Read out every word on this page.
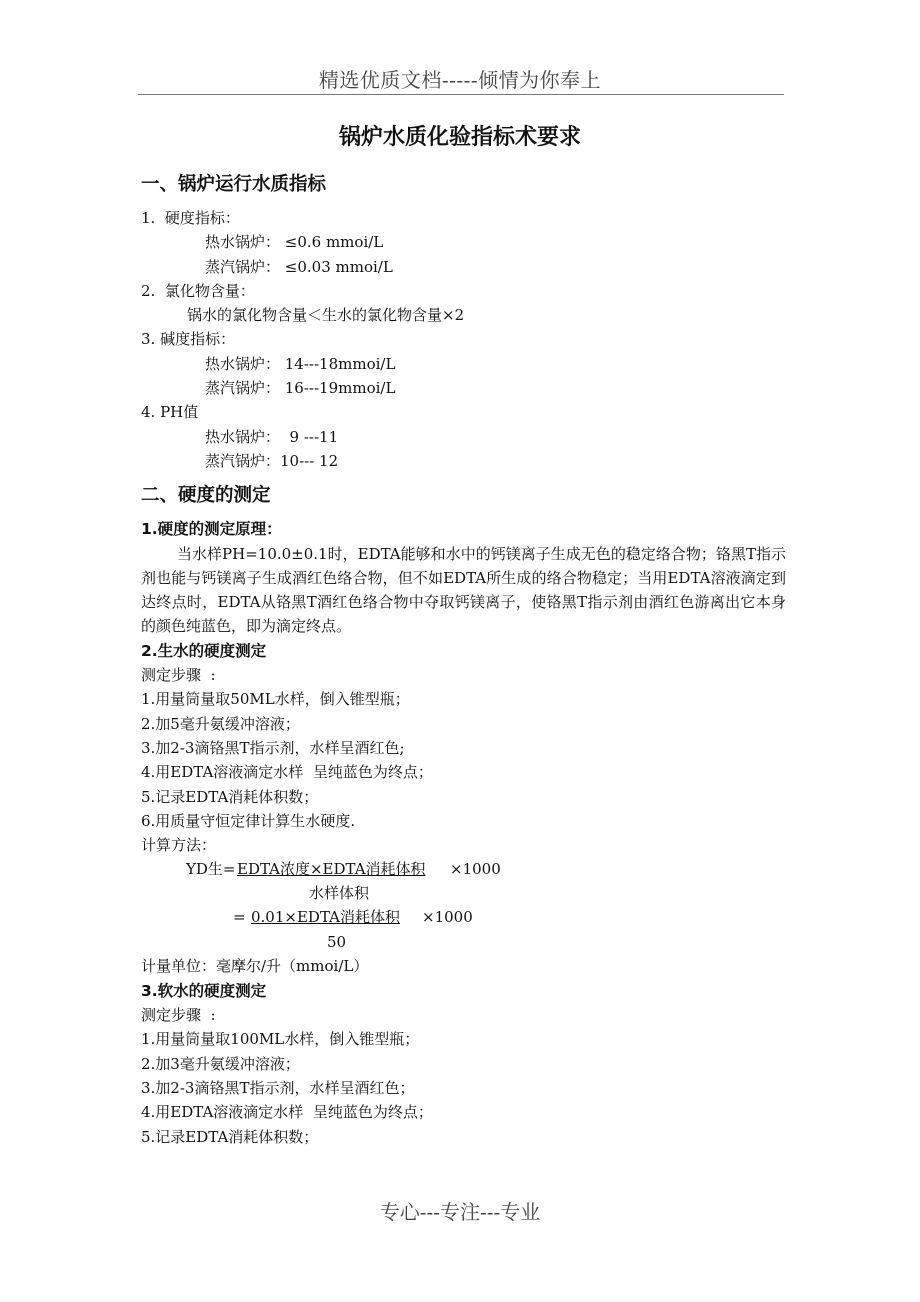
精选优质文档-----倾情为你奉上
锅炉水质化验指标术要求
一、锅炉运行水质指标
1.  硬度指标：
热水锅炉： ≤0.6 mmoi/L
蒸汽锅炉： ≤0.03 mmoi/L
2.  氯化物含量：
锅水的氯化物含量＜生水的氯化物含量×2
3. 碱度指标：
热水锅炉： 14---18mmoi/L
蒸汽锅炉： 16---19mmoi/L
4. PH值
热水锅炉：  9 ---11
蒸汽锅炉：10--- 12
二、硬度的测定
1.硬度的测定原理：
当水样PH=10.0±0.1时，EDTA能够和水中的钙镁离子生成无色的稳定络合物；铬黑T指示剂也能与钙镁离子生成酒红色络合物，但不如EDTA所生成的络合物稳定；当用EDTA溶液滴定到达终点时，EDTA从铬黑T酒红色络合物中夺取钙镁离子，使铬黑T指示剂由酒红色游离出它本身的颜色纯蓝色，即为滴定终点。
2.生水的硬度测定
测定步骤  :
1.用量筒量取50ML水样，倒入锥型瓶；
2.加5毫升氨缓冲溶液；
3.加2-3滴铬黑T指示剂，水样呈酒红色;
4.用EDTA溶液滴定水样  呈纯蓝色为终点；
5.记录EDTA消耗体积数；
6.用质量守恒定律计算生水硬度.
计算方法：
YD生= EDTA浓度×EDTA消耗体积 ×1000
水样体积
= 0.01×EDTA消耗体积 ×1000
50
计量单位：毫摩尔/升（mmoi/L）
3.软水的硬度测定
测定步骤  :
1.用量筒量取100ML水样，倒入锥型瓶；
2.加3毫升氨缓冲溶液；
3.加2-3滴铬黑T指示剂，水样呈酒红色；
4.用EDTA溶液滴定水样  呈纯蓝色为终点；
5.记录EDTA消耗体积数；
专心---专注---专业
